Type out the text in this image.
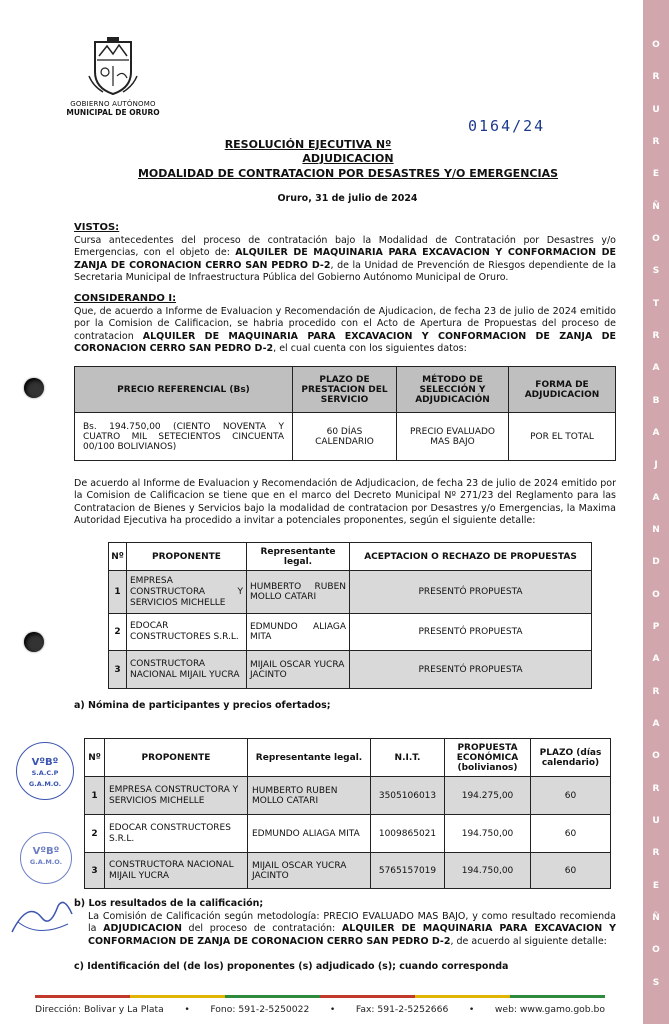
O
R
U
R
E
Ñ
O
S
T
R
A
B
A
J
A
N
D
O
P
A
R
A
O
R
U
R
E
Ñ
O
S
GOBIERNO AUTÓNOMO
MUNICIPAL DE ORURO
RESOLUCIÓN EJECUTIVA Nº
0164/24
ADJUDICACION
MODALIDAD DE CONTRATACION POR DESASTRES Y/O EMERGENCIAS
Oruro, 31 de julio de 2024
VISTOS:
Cursa antecedentes del proceso de contratación bajo la Modalidad de Contratación por Desastres y/o Emergencias, con el objeto de: ALQUILER DE MAQUINARIA PARA EXCAVACION Y CONFORMACION DE ZANJA DE CORONACION CERRO SAN PEDRO D-2, de la Unidad de Prevención de Riesgos dependiente de la Secretaria Municipal de Infraestructura Pública del Gobierno Autónomo Municipal de Oruro.
CONSIDERANDO I:
Que, de acuerdo a Informe de Evaluacion y Recomendación de Ajudicacion, de fecha 23 de julio de 2024 emitido por la Comision de Calificacion, se habria procedido con el Acto de Apertura de Propuestas del proceso de contratacion ALQUILER DE MAQUINARIA PARA EXCAVACION Y CONFORMACION DE ZANJA DE CORONACION CERRO SAN PEDRO D-2, el cual cuenta con los siguientes datos:
PRECIO REFERENCIAL (Bs)	PLAZO DE PRESTACION DEL SERVICIO	MÉTODO DE SELECCIÓN Y ADJUDICACIÓN	FORMA DE ADJUDICACION
Bs. 194.750,00 (CIENTO NOVENTA Y CUATRO MIL SETECIENTOS CINCUENTA 00/100 BOLIVIANOS)	60 DÍAS CALENDARIO	PRECIO EVALUADO MAS BAJO	POR EL TOTAL
De acuerdo al Informe de Evaluacion y Recomendación de Adjudicacion, de fecha 23 de julio de 2024 emitido por la Comision de Calificacion se tiene que en el marco del Decreto Municipal Nº 271/23 del Reglamento para las Contratacion de Bienes y Servicios bajo la modalidad de contratacion por Desastres y/o Emergencias, la Maxima Autoridad Ejecutiva ha procedido a invitar a potenciales proponentes, según el siguiente detalle:
Nº	PROPONENTE	Representante legal.	ACEPTACION O RECHAZO DE PROPUESTAS
1	EMPRESA CONSTRUCTORA Y SERVICIOS MICHELLE	HUMBERTO RUBEN MOLLO CATARI	PRESENTÓ PROPUESTA
2	EDOCAR CONSTRUCTORES S.R.L.	EDMUNDO ALIAGA MITA	PRESENTÓ PROPUESTA
3	CONSTRUCTORA NACIONAL MIJAIL YUCRA	MIJAIL OSCAR YUCRA JACINTO	PRESENTÓ PROPUESTA
a) Nómina de participantes y precios ofertados;
Nº	PROPONENTE	Representante legal.	N.I.T.	PROPUESTA ECONÓMICA (bolivianos)	PLAZO (días calendario)
1	EMPRESA CONSTRUCTORA Y SERVICIOS MICHELLE	HUMBERTO RUBEN MOLLO CATARI	3505106013	194.275,00	60
2	EDOCAR CONSTRUCTORES S.R.L.	EDMUNDO ALIAGA MITA	1009865021	194.750,00	60
3	CONSTRUCTORA NACIONAL MIJAIL YUCRA	MIJAIL OSCAR YUCRA JACINTO	5765157019	194.750,00	60
VºBº
S.A.C.P
G.A.M.O.
VºBº
G.A.M.O.
b) Los resultados de la calificación;
La Comisión de Calificación según metodología: PRECIO EVALUADO MAS BAJO, y como resultado recomienda la ADJUDICACION del proceso de contratación: ALQUILER DE MAQUINARIA PARA EXCAVACION Y CONFORMACION DE ZANJA DE CORONACION CERRO SAN PEDRO D-2, de acuerdo al siguiente detalle:
c) Identificación del (de los) proponentes (s) adjudicado (s); cuando corresponda
Dirección: Bolivar y La Plata • Fono: 591-2-5250022 • Fax: 591-2-5252666 • web: www.gamo.gob.bo
